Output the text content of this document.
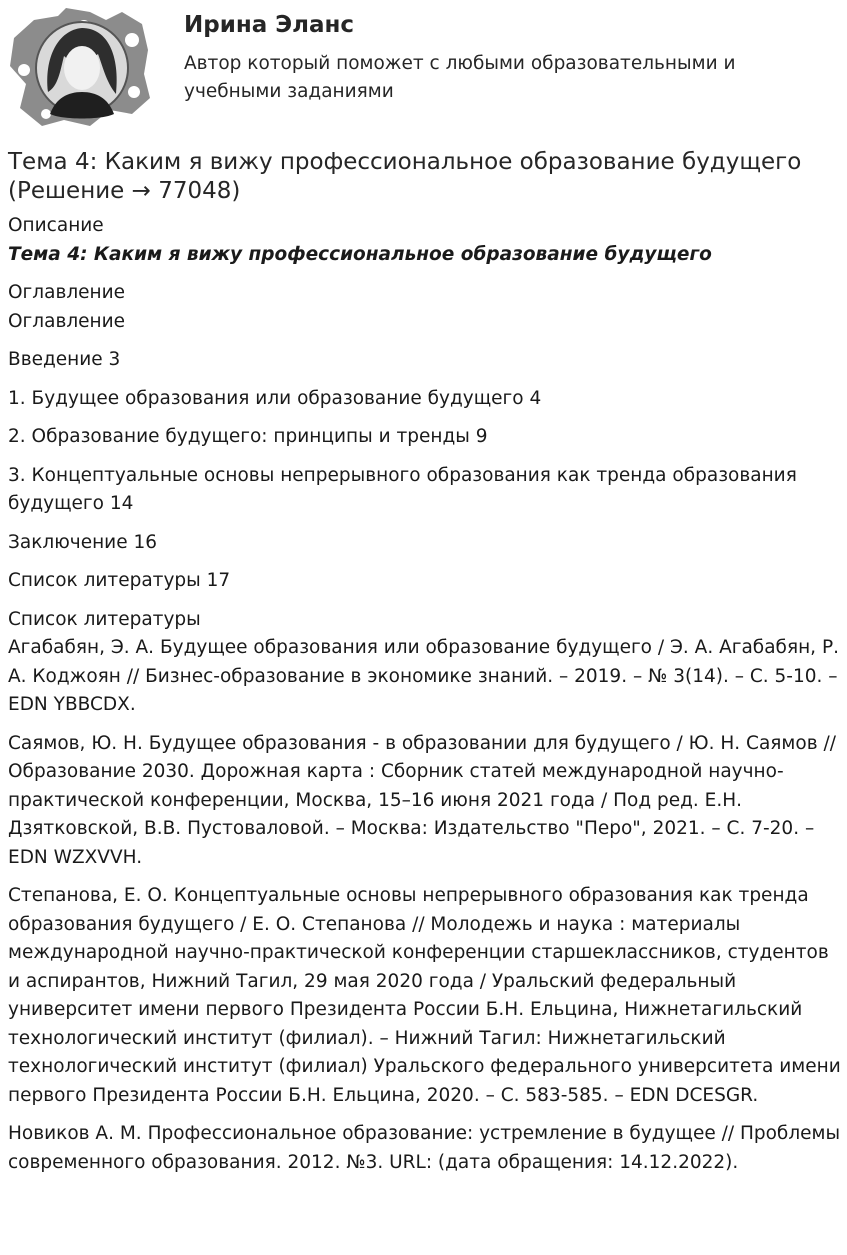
Ирина Эланс

Автор который поможет с любыми образовательными и учебными заданиями

Тема 4: Каким я вижу профессиональное образование будущего (Решение → 77048)

Описание

Тема 4: Каким я вижу профессиональное образование будущего

Оглавление

Оглавление

Введение 3

1. Будущее образования или образование будущего 4

2. Образование будущего: принципы и тренды 9

3. Концептуальные основы непрерывного образования как тренда образования будущего 14

Заключение 16

Список литературы 17

Список литературы

Агабабян, Э. А. Будущее образования или образование будущего / Э. А. Агабабян, Р. А. Коджоян // Бизнес-образование в экономике знаний. – 2019. – № 3(14). – С. 5-10. – EDN YBBCDX.

Саямов, Ю. Н. Будущее образования - в образовании для будущего / Ю. Н. Саямов // Образование 2030. Дорожная карта : Сборник статей международной научно-практической конференции, Москва, 15–16 июня 2021 года / Под ред. Е.Н. Дзятковской, В.В. Пустоваловой. – Москва: Издательство "Перо", 2021. – С. 7-20. – EDN WZXVVH.

Степанова, Е. О. Концептуальные основы непрерывного образования как тренда образования будущего / Е. О. Степанова // Молодежь и наука : материалы международной научно-практической конференции старшеклассников, студентов и аспирантов, Нижний Тагил, 29 мая 2020 года / Уральский федеральный университет имени первого Президента России Б.Н. Ельцина, Нижнетагильский технологический институт (филиал). – Нижний Тагил: Нижнетагильский технологический институт (филиал) Уральского федерального университета имени первого Президента России Б.Н. Ельцина, 2020. – С. 583-585. – EDN DCESGR.

Новиков А. М. Профессиональное образование: устремление в будущее // Проблемы современного образования. 2012. №3. URL: (дата обращения: 14.12.2022).
